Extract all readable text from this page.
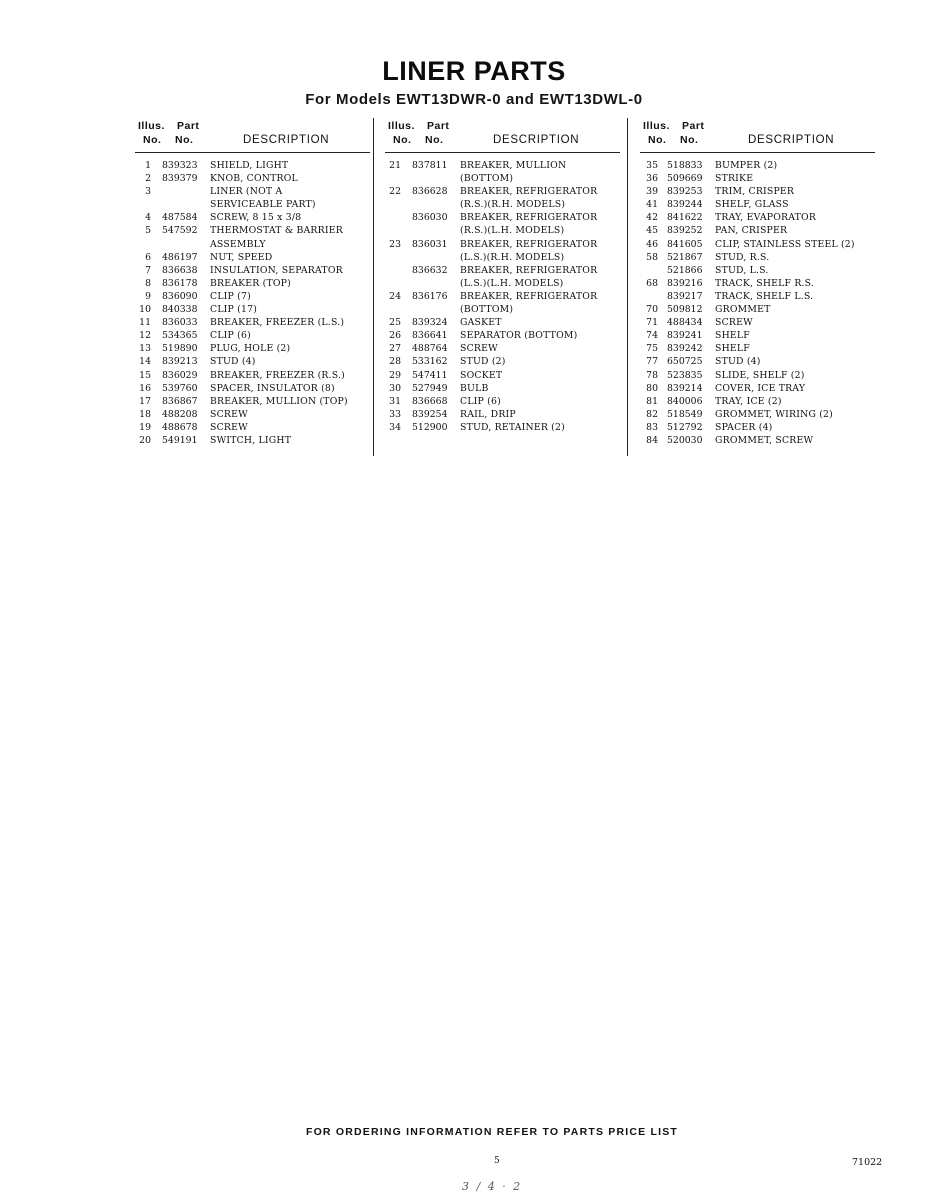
LINER PARTS
For Models EWT13DWR-0 and EWT13DWL-0
Illus. Part
No. No.	DESCRIPTION
1 839323 SHIELD, LIGHT
2 839379 KNOB, CONTROL
3	LINER (NOT A
SERVICEABLE PART)
4 487584 SCREW, 8 15 x 3/8
5 547592 THERMOSTAT & BARRIER
ASSEMBLY
6 486197 NUT, SPEED
7 836638 INSULATION, SEPARATOR
8 836178 BREAKER (TOP)
9 836090 CLIP (7)
10 840338 CLIP (17)
11 836033 BREAKER, FREEZER (L.S.)
12 534365 CLIP (6)
13 519890 PLUG, HOLE (2)
14 839213 STUD (4)
15 836029 BREAKER, FREEZER (R.S.)
16 539760 SPACER, INSULATOR (8)
17 836867 BREAKER, MULLION (TOP)
18 488208 SCREW
19 488678 SCREW
20 549191 SWITCH, LIGHT
Illus. Part
No. No.	DESCRIPTION
21 837811 BREAKER, MULLION
(BOTTOM)
22 836628 BREAKER, REFRIGERATOR
(R.S.)(R.H. MODELS)
836030 BREAKER, REFRIGERATOR
(R.S.)(L.H. MODELS)
23 836031 BREAKER, REFRIGERATOR
(L.S.)(R.H. MODELS)
836632 BREAKER, REFRIGERATOR
(L.S.)(L.H. MODELS)
24 836176 BREAKER, REFRIGERATOR
(BOTTOM)
25 839324 GASKET
26 836641 SEPARATOR (BOTTOM)
27 488764 SCREW
28 533162 STUD (2)
29 547411 SOCKET
30 527949 BULB
31 836668 CLIP (6)
33 839254 RAIL, DRIP
34 512900 STUD, RETAINER (2)
Illus. Part
No. No.	DESCRIPTION
35 518833 BUMPER (2)
36 509669 STRIKE
39 839253 TRIM, CRISPER
41 839244 SHELF, GLASS
42 841622 TRAY, EVAPORATOR
45 839252 PAN, CRISPER
46 841605 CLIP, STAINLESS STEEL (2)
58 521867 STUD, R.S.
521866 STUD, L.S.
68 839216 TRACK, SHELF R.S.
839217 TRACK, SHELF L.S.
70 509812 GROMMET
71 488434 SCREW
74 839241 SHELF
75 839242 SHELF
77 650725 STUD (4)
78 523835 SLIDE, SHELF (2)
80 839214 COVER, ICE TRAY
81 840006 TRAY, ICE (2)
82 518549 GROMMET, WIRING (2)
83 512792 SPACER (4)
84 520030 GROMMET, SCREW
FOR ORDERING INFORMATION REFER TO PARTS PRICE LIST
5	71022
3 / 4 · 2
